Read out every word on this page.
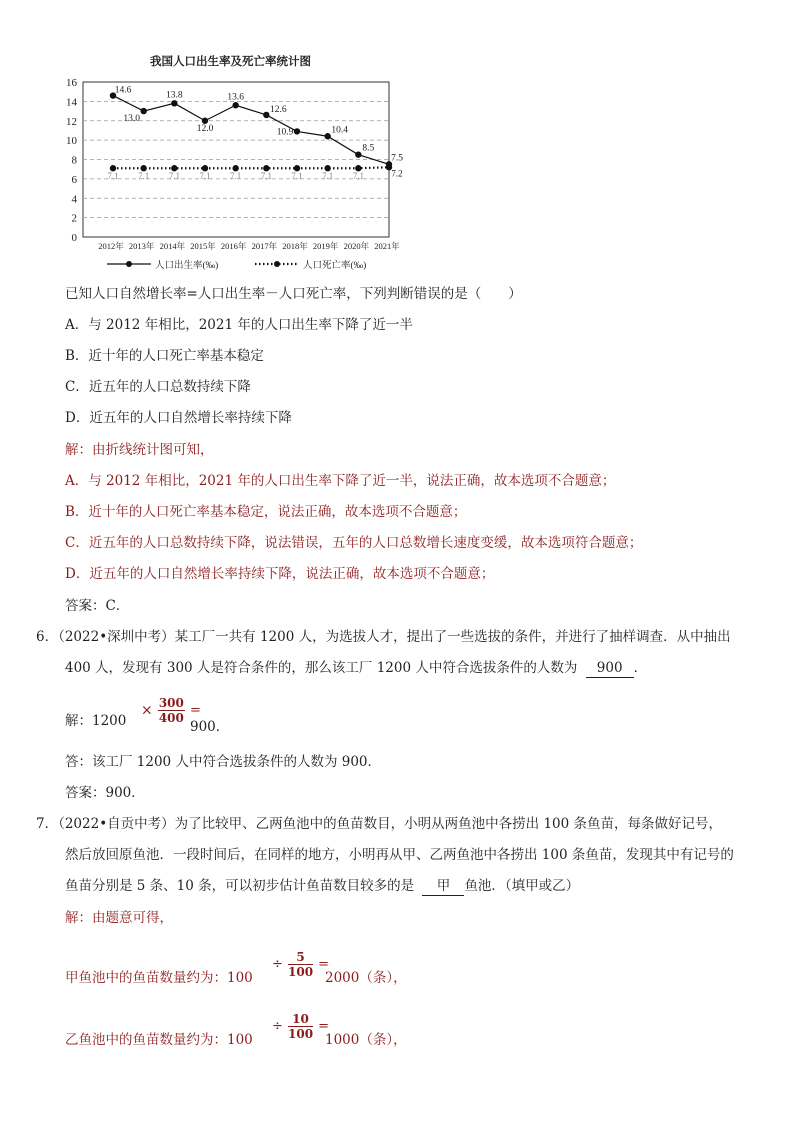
我国人口出生率及死亡率统计图
0
2
4
6
8
10
12
14
16
2012年 2013年 2014年 2015年 2016年 2017年 2018年 2019年 2020年 2021年
14.6
13.0
13.8
12.0
13.6
12.6
10.9	10.4
8.5
7.5
7.1 7.1 7.1 7.1 7.1 7.1 7.1 7.1 7.1	7.2
人口出生率(‰)	人口死亡率(‰)
已知人口自然增长率=人口出生率－人口死亡率，下列判断错误的是（　　）
A．与 2012 年相比，2021 年的人口出生率下降了近一半
B．近十年的人口死亡率基本稳定
C．近五年的人口总数持续下降
D．近五年的人口自然增长率持续下降
解：由折线统计图可知，
A．与 2012 年相比，2021 年的人口出生率下降了近一半，说法正确，故本选项不合题意；
B．近十年的人口死亡率基本稳定，说法正确，故本选项不合题意；
C．近五年的人口总数持续下降，说法错误，五年的人口总数增长速度变缓，故本选项符合题意；
D．近五年的人口自然增长率持续下降，说法正确，故本选项不合题意；
答案：C．
6．（2022•深圳中考）某工厂一共有 1200 人，为选拔人才，提出了一些选拔的条件，并进行了抽样调查．从中抽出
400 人，发现有 300 人是符合条件的，那么该工厂 1200 人中符合选拔条件的人数为 900 ．
解：1200
× $\frac{300}{400}$ =
900．
答：该工厂 1200 人中符合选拔条件的人数为 900．
答案：900．
7．（2022•自贡中考）为了比较甲、乙两鱼池中的鱼苗数目，小明从两鱼池中各捞出 100 条鱼苗，每条做好记号，
然后放回原鱼池．一段时间后，在同样的地方，小明再从甲、乙两鱼池中各捞出 100 条鱼苗，发现其中有记号的
鱼苗分别是 5 条、10 条，可以初步估计鱼苗数目较多的是 甲 鱼池．（填甲或乙）
解：由题意可得，
甲鱼池中的鱼苗数量约为：100
÷ $\frac{5}{100}$ =
2000（条），
乙鱼池中的鱼苗数量约为：100
÷ $\frac{10}{100}$ =
1000（条），
